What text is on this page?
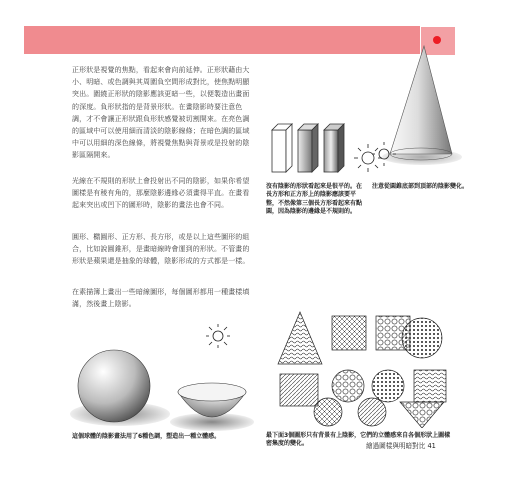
正形狀是視覺的焦點，看起來會向前延伸。正形狀藉由大小、明暗、或色調與其周圍負空間形成對比，使焦點明顯突出。圍繞正形狀的陰影應該更暗一些，以便製造出畫面的深度。負形狀指的是背景形狀。在畫陰影時要注意色調，才不會讓正形狀跟負形狀感覺被切割開來。在亮色調的區域中可以使用細而清淡的陰影線條；在暗色調的區域中可以用細的深色線條，將視覺焦點與背景或是投射的陰影區隔開來。

光線在不規則的形狀上會投射出不同的陰影，如果你希望圖樣是有稜有角的，那麼陰影邊緣必須畫得平直。在畫看起來突出或凹下的圖形時，陰影的畫法也會不同。

圓形、橢圓形、正方形、長方形，或是以上這些圖形的組合，比如說圓錐形，是畫暗線時會運到的形狀。不管畫的形狀是蘋果還是抽象的球體，陰影形成的方式都是一樣。

在素描簿上畫出一些暗線圖形，每個圖形都用一種畫樣填滿，然後畫上陰影。

沒有陰影的形狀看起來是很平的。在長方形和正方形上的陰影應該要平整，不然像第三個長方形看起來有點圓，因為陰影的邊緣是不規則的。
注意從圓錐底部到頂部的陰影變化。
這個球體的陰影畫法用了6種色調，塑造出一種立體感。	最下面3個圖形只有背景有上陰影，它們的立體感來自各個形狀上圖樣密集度的變化。	繪過圖樣與明暗對比 41
